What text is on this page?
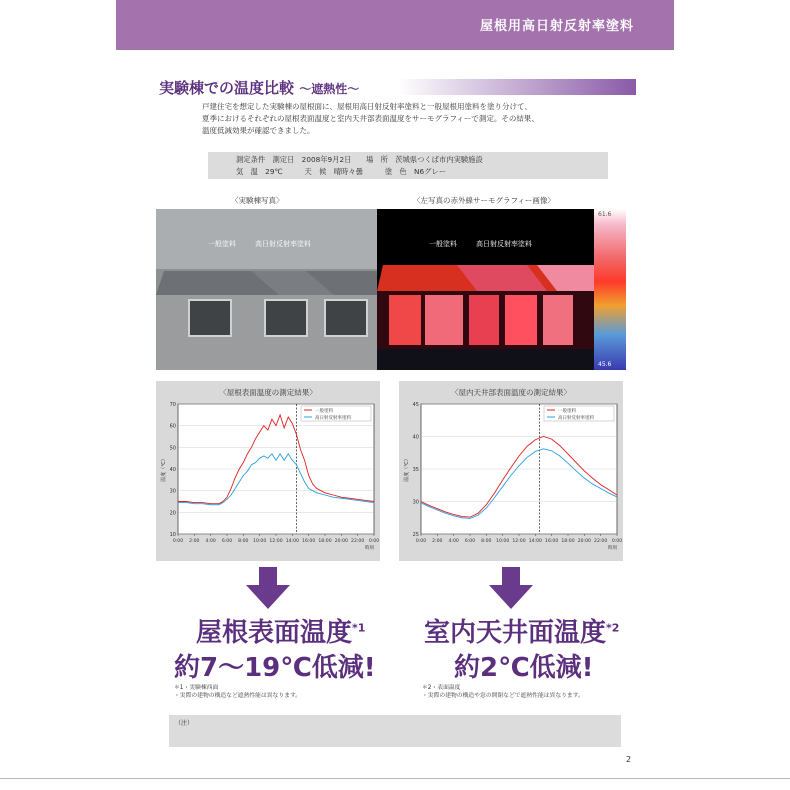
屋根用高日射反射率塗料
実験棟での温度比較 ～遮熱性～
戸建住宅を想定した実験棟の屋根面に、屋根用高日射反射率塗料と一般屋根用塗料を塗り分けて、
夏季におけるそれぞれの屋根表面温度と室内天井部表面温度をサーモグラフィーで測定。その結果、
温度低減効果が確認できました。
測定条件　測定日　2008年9月2日　　場　所　茨城県つくば市内実験施設
気　温　29℃　　　天　候　晴時々曇　　　塗　色　N6グレー
〈実験棟写真〉	〈左写真の赤外線サーモグラフィー画像〉
一般塗料	高日射反射率塗料	一般塗料	高日射反射率塗料
61.6
45.6
〈屋根表面温度の測定結果〉
10
20
30
40
50
60
70
0:00 2:00 4:00 6:00 8:00 10:00 12:00 14:00 16:00 18:00 20:00 22:00 0:00
時刻
温度（℃）
一般塗料
高日射反射率塗料
〈屋内天井部表面温度の測定結果〉
25
30
35
40
45
0:00 2:00 4:00 6:00 8:00 10:00 12:00 14:00 16:00 18:00 20:00 22:00 0:00
時刻
温度（℃）
一般塗料
高日射反射率塗料
屋根表面温度$^{*1}$
約7～19℃低減!
室内天井面温度$^{*2}$
約2℃低減!
＊1・実験棟西面
・実際の建物の構造など遮熱性能は異なります。
＊2・表面温度
・実際の建物の構造や窓の開閉などで遮熱性能は異なります。
（注）
2
